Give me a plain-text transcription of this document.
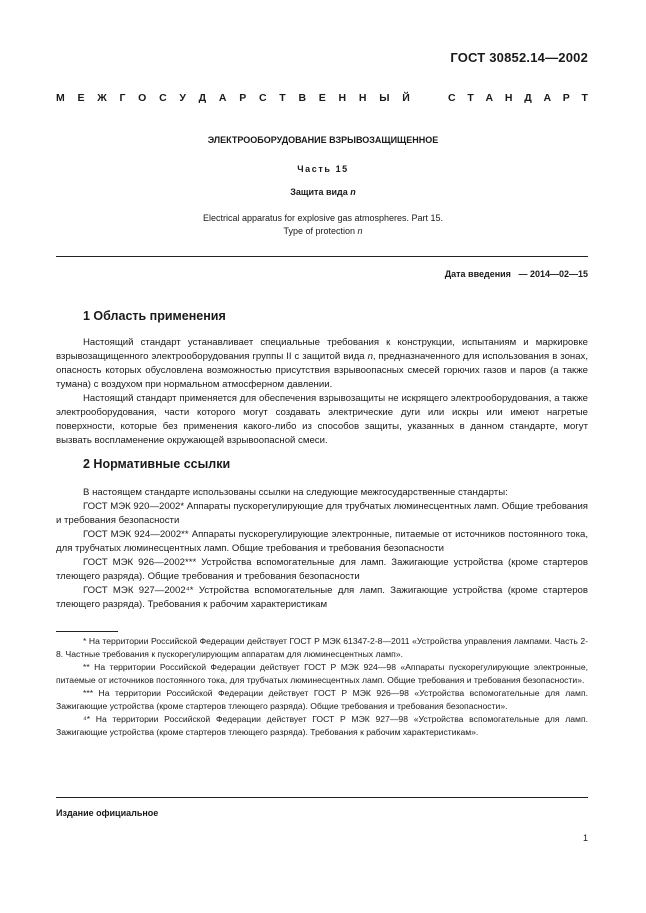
ГОСТ 30852.14—2002
М Е Ж Г О С У Д А Р С Т В Е Н Н Ы Й	С Т А Н Д А Р Т
ЭЛЕКТРООБОРУДОВАНИЕ ВЗРЫВОЗАЩИЩЕННОЕ
Часть 15
Защита вида n
Electrical apparatus for explosive gas atmospheres. Part 15.
Type of protection n
Дата введения — 2014—02—15
1 Область применения

Настоящий стандарт устанавливает специальные требования к конструкции, испытаниям и маркировке взрывозащищенного электрооборудования группы II с защитой вида n, предназначенного для использования в зонах, опасность которых обусловлена возможностью присутствия взрывоопасных смесей горючих газов и паров (а также тумана) с воздухом при нормальном атмосферном давлении.

Настоящий стандарт применяется для обеспечения взрывозащиты не искрящего электрооборудования, а также электрооборудования, части которого могут создавать электрические дуги или искры или имеют нагретые поверхности, которые без применения какого-либо из способов защиты, указанных в данном стандарте, могут вызвать воспламенение окружающей взрывоопасной смеси.

2 Нормативные ссылки

В настоящем стандарте использованы ссылки на следующие межгосударственные стандарты:

ГОСТ МЭК 920—2002* Аппараты пускорегулирующие для трубчатых люминесцентных ламп. Общие требования и требования безопасности

ГОСТ МЭК 924—2002** Аппараты пускорегулирующие электронные, питаемые от источников постоянного тока, для трубчатых люминесцентных ламп. Общие требования и требования безопасности

ГОСТ МЭК 926—2002*** Устройства вспомогательные для ламп. Зажигающие устройства (кроме стартеров тлеющего разряда). Общие требования и требования безопасности

ГОСТ МЭК 927—2002⁴* Устройства вспомогательные для ламп. Зажигающие устройства (кроме стартеров тлеющего разряда). Требования к рабочим характеристикам

* На территории Российской Федерации действует ГОСТ Р МЭК 61347-2-8—2011 «Устройства управления лампами. Часть 2-8. Частные требования к пускорегулирующим аппаратам для люминесцентных ламп».

** На территории Российской Федерации действует ГОСТ Р МЭК 924—98 «Аппараты пускорегулирующие электронные, питаемые от источников постоянного тока, для трубчатых люминесцентных ламп. Общие требования и требования безопасности».

*** На территории Российской Федерации действует ГОСТ Р МЭК 926—98 «Устройства вспомогательные для ламп. Зажигающие устройства (кроме стартеров тлеющего разряда). Общие требования и требования безопасности».

⁴* На территории Российской Федерации действует ГОСТ Р МЭК 927—98 «Устройства вспомогательные для ламп. Зажигающие устройства (кроме стартеров тлеющего разряда). Требования к рабочим характеристикам».

Издание официальное
1
